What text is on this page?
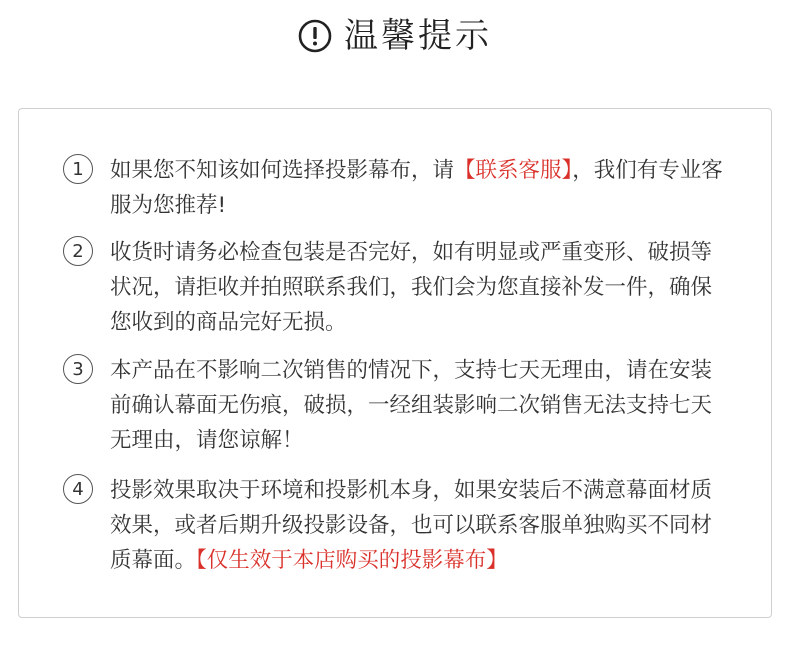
温馨提示
1	如果您不知该如何选择投影幕布，请【联系客服】，我们有专业客服为您推荐!
2	收货时请务必检查包装是否完好，如有明显或严重变形、破损等状况，请拒收并拍照联系我们，我们会为您直接补发一件，确保您收到的商品完好无损。
3	本产品在不影响二次销售的情况下，支持七天无理由，请在安装前确认幕面无伤痕，破损，一经组装影响二次销售无法支持七天无理由，请您谅解！
4	投影效果取决于环境和投影机本身，如果安装后不满意幕面材质效果，或者后期升级投影设备，也可以联系客服单独购买不同材质幕面。【仅生效于本店购买的投影幕布】
